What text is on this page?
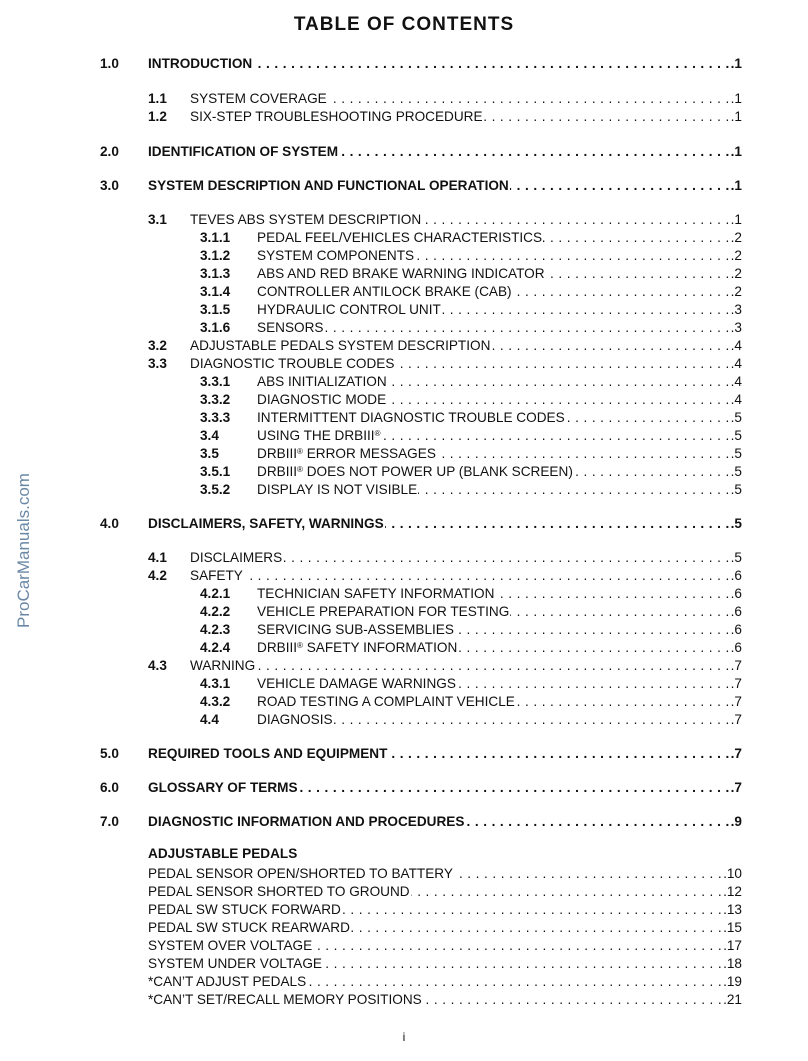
TABLE OF CONTENTS
ProCarManuals.com
1.0	INTRODUCTION . . .	.1
1.1	SYSTEM COVERAGE . . .	.1
1.2	SIX-STEP TROUBLESHOOTING PROCEDURE . . .	.1
2.0	IDENTIFICATION OF SYSTEM . . .	.1
3.0	SYSTEM DESCRIPTION AND FUNCTIONAL OPERATION . . .	.1
3.1	TEVES ABS SYSTEM DESCRIPTION . . .	.1
3.1.1	PEDAL FEEL/VEHICLES CHARACTERISTICS . . .	.2
3.1.2	SYSTEM COMPONENTS . . .	.2
3.1.3	ABS AND RED BRAKE WARNING INDICATOR . . .	.2
3.1.4	CONTROLLER ANTILOCK BRAKE (CAB) . . .	.2
3.1.5	HYDRAULIC CONTROL UNIT . . .	.3
3.1.6	SENSORS . . .	.3
3.2	ADJUSTABLE PEDALS SYSTEM DESCRIPTION . . .	.4
3.3	DIAGNOSTIC TROUBLE CODES . . .	.4
3.3.1	ABS INITIALIZATION . . .	.4
3.3.2	DIAGNOSTIC MODE . . .	.4
3.3.3	INTERMITTENT DIAGNOSTIC TROUBLE CODES . . .	.5
3.4	USING THE DRBIII® . . .	.5
3.5	DRBIII® ERROR MESSAGES . . .	.5
3.5.1	DRBIII® DOES NOT POWER UP (BLANK SCREEN) . . .	.5
3.5.2	DISPLAY IS NOT VISIBLE . . .	.5
4.0	DISCLAIMERS, SAFETY, WARNINGS . . .	.5
4.1	DISCLAIMERS . . .	.5
4.2	SAFETY . . .	.6
4.2.1	TECHNICIAN SAFETY INFORMATION . . .	.6
4.2.2	VEHICLE PREPARATION FOR TESTING . . .	.6
4.2.3	SERVICING SUB-ASSEMBLIES . . .	.6
4.2.4	DRBIII® SAFETY INFORMATION . . .	.6
4.3	WARNING . . .	.7
4.3.1	VEHICLE DAMAGE WARNINGS . . .	.7
4.3.2	ROAD TESTING A COMPLAINT VEHICLE . . .	.7
4.4	DIAGNOSIS . . .	.7
5.0	REQUIRED TOOLS AND EQUIPMENT . . .	.7
6.0	GLOSSARY OF TERMS . . .	.7
7.0	DIAGNOSTIC INFORMATION AND PROCEDURES . . .	.9
ADJUSTABLE PEDALS
PEDAL SENSOR OPEN/SHORTED TO BATTERY . . .	.10
PEDAL SENSOR SHORTED TO GROUND . . .	.12
PEDAL SW STUCK FORWARD . . .	.13
PEDAL SW STUCK REARWARD . . .	.15
SYSTEM OVER VOLTAGE . . .	.17
SYSTEM UNDER VOLTAGE . . .	.18
*CAN’T ADJUST PEDALS . . .	.19
*CAN’T SET/RECALL MEMORY POSITIONS . . .	.21
i
